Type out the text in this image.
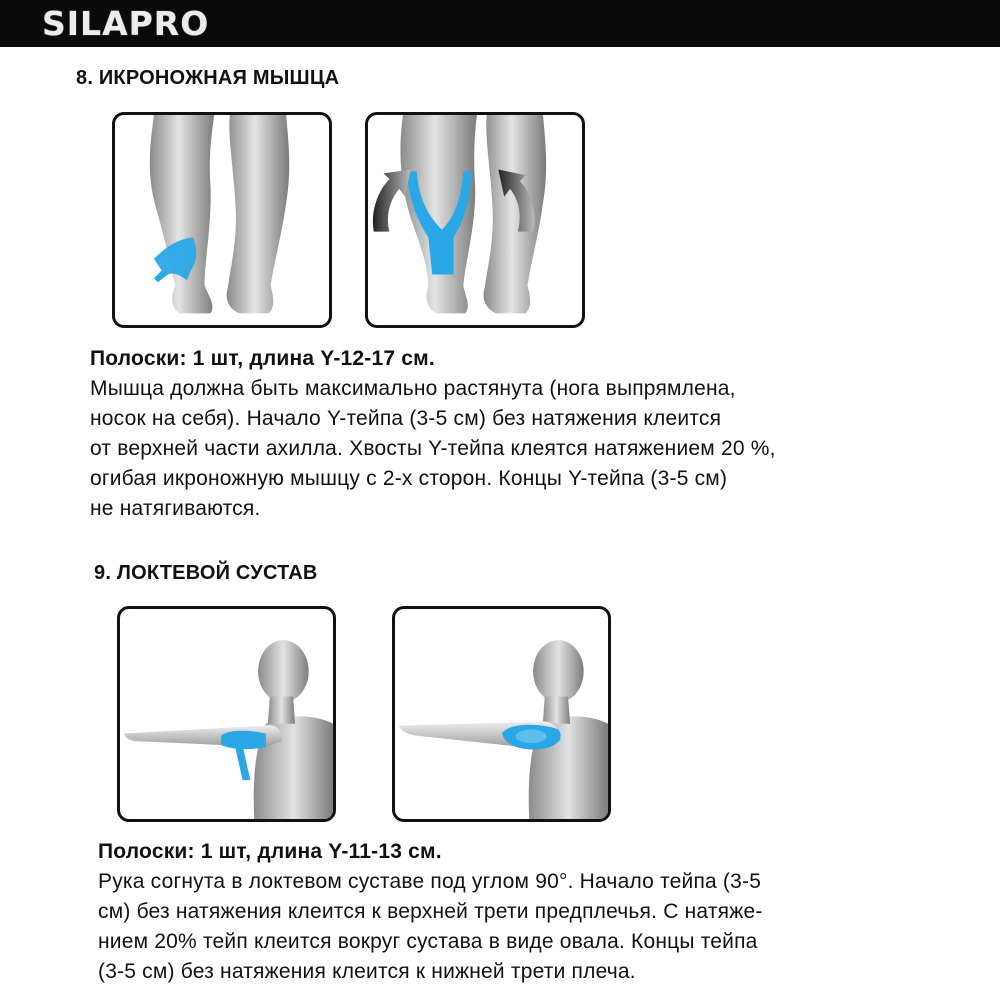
SILAPRO
8. ИКРОНОЖНАЯ МЫШЦА
Полоски: 1 шт, длина Y-12-17 см.
Мышца должна быть максимально растянута (нога выпрямлена,
носок на себя). Начало Y-тейпа (3-5 см) без натяжения клеится
от верхней части ахилла. Хвосты Y-тейпа клеятся натяжением 20 %,
огибая икроножную мышцу с 2-х сторон. Концы Y-тейпа (3-5 см)
не натягиваются.
9. ЛОКТЕВОЙ СУСТАВ
Полоски: 1 шт, длина Y-11-13 см.
Рука согнута в локтевом суставе под углом 90°. Начало тейпа (3-5
см) без натяжения клеится к верхней трети предплечья. С натяже-
нием 20% тейп клеится вокруг сустава в виде овала. Концы тейпа
(3-5 см) без натяжения клеится к нижней трети плеча.
